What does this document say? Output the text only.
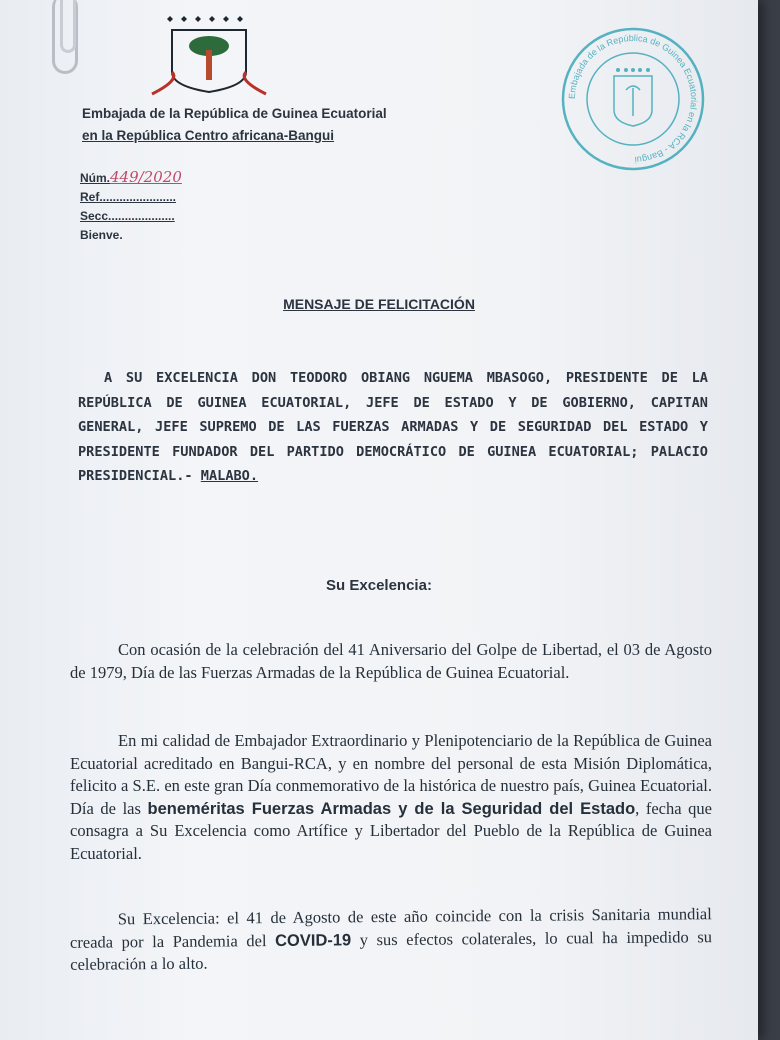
Embajada de la República de Guinea Ecuatorial en la RCA - Bangui
Embajada de la República de Guinea Ecuatorial
en la República Centro africana-Bangui
Núm.449/2020
Ref.......................
Secc....................
Bienve.
MENSAJE DE FELICITACIÓN
A SU EXCELENCIA DON TEODORO OBIANG NGUEMA MBASOGO, PRESIDENTE DE LA REPÚBLICA DE GUINEA ECUATORIAL, JEFE DE ESTADO Y DE GOBIERNO, CAPITAN GENERAL, JEFE SUPREMO DE LAS FUERZAS ARMADAS Y DE SEGURIDAD DEL ESTADO Y PRESIDENTE FUNDADOR DEL PARTIDO DEMOCRÁTICO DE GUINEA ECUATORIAL; PALACIO PRESIDENCIAL.- MALABO.
Su Excelencia:
Con ocasión de la celebración del 41 Aniversario del Golpe de Libertad, el 03 de Agosto de 1979, Día de las Fuerzas Armadas de la República de Guinea Ecuatorial.
En mi calidad de Embajador Extraordinario y Plenipotenciario de la República de Guinea Ecuatorial acreditado en Bangui-RCA, y en nombre del personal de esta Misión Diplomática, felicito a S.E. en este gran Día conmemorativo de la histórica de nuestro país, Guinea Ecuatorial. Día de las beneméritas Fuerzas Armadas y de la Seguridad del Estado, fecha que consagra a Su Excelencia como Artífice y Libertador del Pueblo de la República de Guinea Ecuatorial.
Su Excelencia: el 41 de Agosto de este año coincide con la crisis Sanitaria mundial creada por la Pandemia del COVID-19 y sus efectos colaterales, lo cual ha impedido su celebración a lo alto.
